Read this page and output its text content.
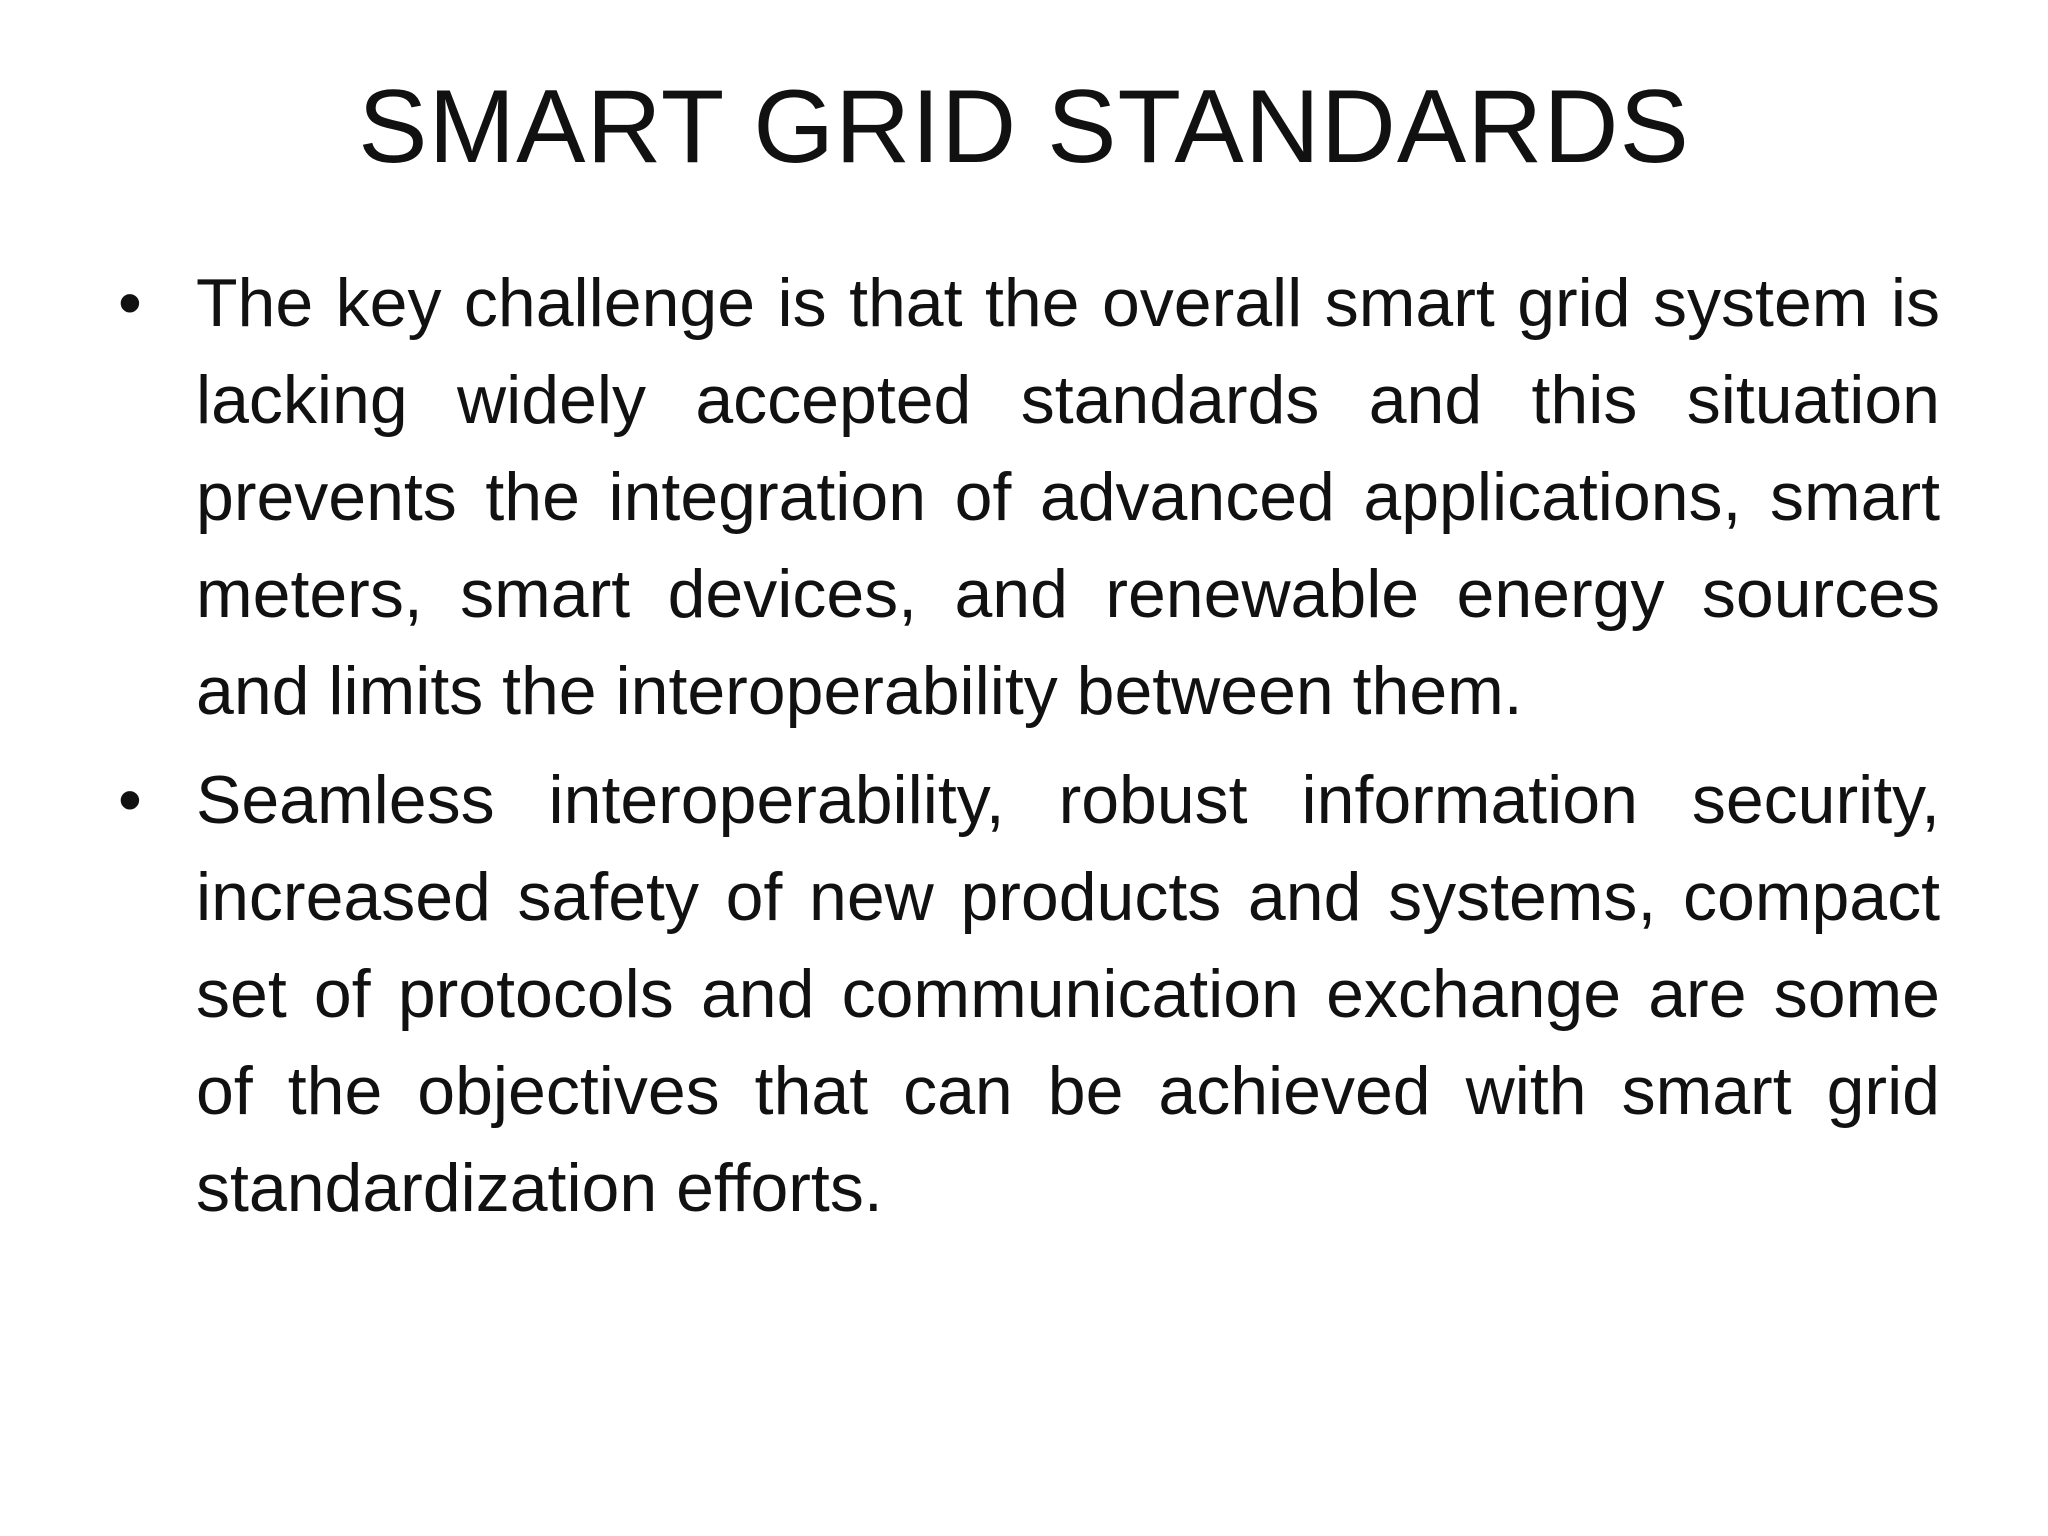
SMART GRID STANDARDS
• The key challenge is that the overall smart grid system is lacking widely accepted standards and this situation prevents the integration of advanced applications, smart meters, smart devices, and renewable energy sources and limits the interoperability between them.
• Seamless interoperability, robust information security, increased safety of new products and systems, compact set of protocols and communication exchange are some of the objectives that can be achieved with smart grid standardization efforts.
